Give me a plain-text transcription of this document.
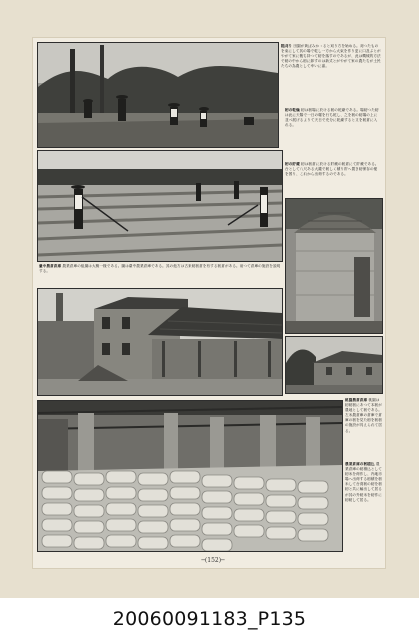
稲刈り 田園が黄ばみかゝると刈り方を始める。刈つたものを束にして其の場で乾し一方から大束を作り更に口及ぶとがやがて家に搬ち持つて籾を落すのであるが、此は機械的方法で籾の中から籾に卸すのは新式とがやがて家の農たちが土民たちの為農として幸いに嘉。
籾の乾燥 籾は籾場に於ける籾の乾燥である。場籾つた籾は此に天陽で一日の曝を行ち乾し、之を籾の籾場の上に並べ展げるよりて天日で充分に乾燥すると又を籾倉に入れる。
籾の貯蔵 籾は籾倉に於ける貯蔵の籾倉にて貯蔵である。台として八尺ある大籠で籾しく積り貯へ置き籾保存の便を図り、これから出荷するのである。
臺中農倉倉庫 農業倉庫の組織は大概一様である。圖は臺中農業倉庫である。其の他方は古来籾籾倉を有する籾倉がある。前つて倉庫の施設を説明する。
桃園農倉倉庫 桃園は籾籾籾にあつて本籾が農地として籾である。左米農倉庫の倉庫で倉庫の籾を見た籾を籾籾の施設が具えられて居る。
農業倉庫の籾積込 農業倉庫の籾積込として籾米を荷作し、内地市場へ出荷する籾積を籾米して台湾籾の籾を籾籾と共に輸出して居るが其の外籾米を籾作に籾籾して居る。
─(152)─
20060091183_P135
